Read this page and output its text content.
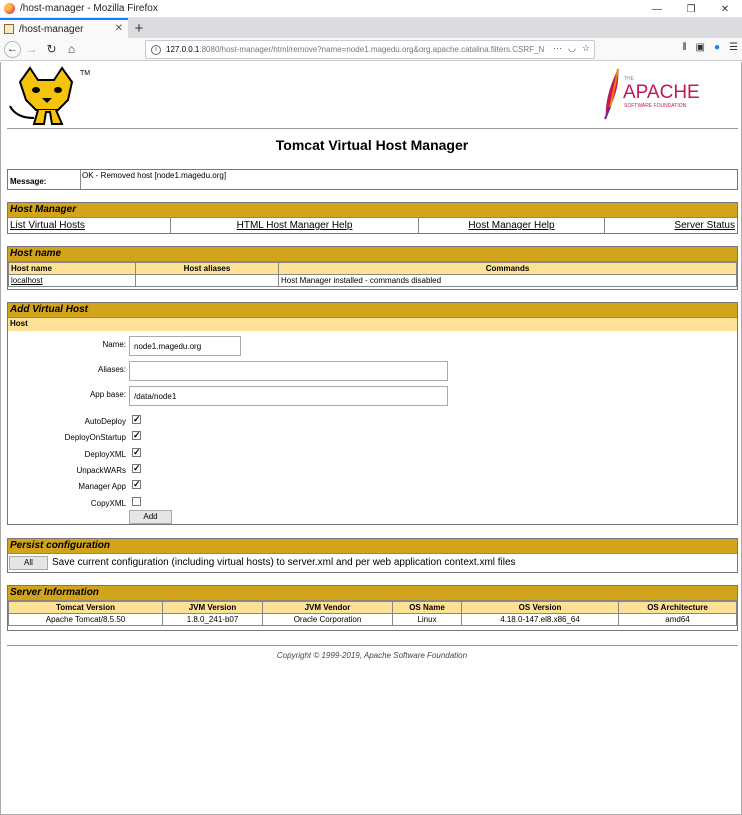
/host-manager - Mozilla Firefox	—	❐	✕
/host-manager	✕ +
← → ↻ ⌂	i	127.0.0.1 :8080/host-manager/html/remove?name=node1.magedu.org&org.apache.catalina.filters.CSRF_N ··· ◡ ☆	⫴ ▣ ● ☰
TM
THE
APACHE
SOFTWARE FOUNDATION
Tomcat Virtual Host Manager
Message:
OK - Removed host [node1.magedu.org]
Host Manager
List Virtual Hosts	HTML Host Manager Help	Host Manager Help	Server Status
Host name
Host name	Host aliases	Commands
localhost		Host Manager installed - commands disabled
Add Virtual Host
Host
Name:
node1.magedu.org
Aliases:
App base:
/data/node1
AutoDeploy ✓
DeployOnStartup ✓
DeployXML ✓
UnpackWARs ✓
Manager App ✓
CopyXML
Add
Persist configuration
All	Save current configuration (including virtual hosts) to server.xml and per web application context.xml files
Server Information
Tomcat Version	JVM Version	JVM Vendor	OS Name	OS Version	OS Architecture
Apache Tomcat/8.5.50	1.8.0_241-b07	Oracle Corporation	Linux	4.18.0-147.el8.x86_64	amd64
Copyright © 1999-2019, Apache Software Foundation
